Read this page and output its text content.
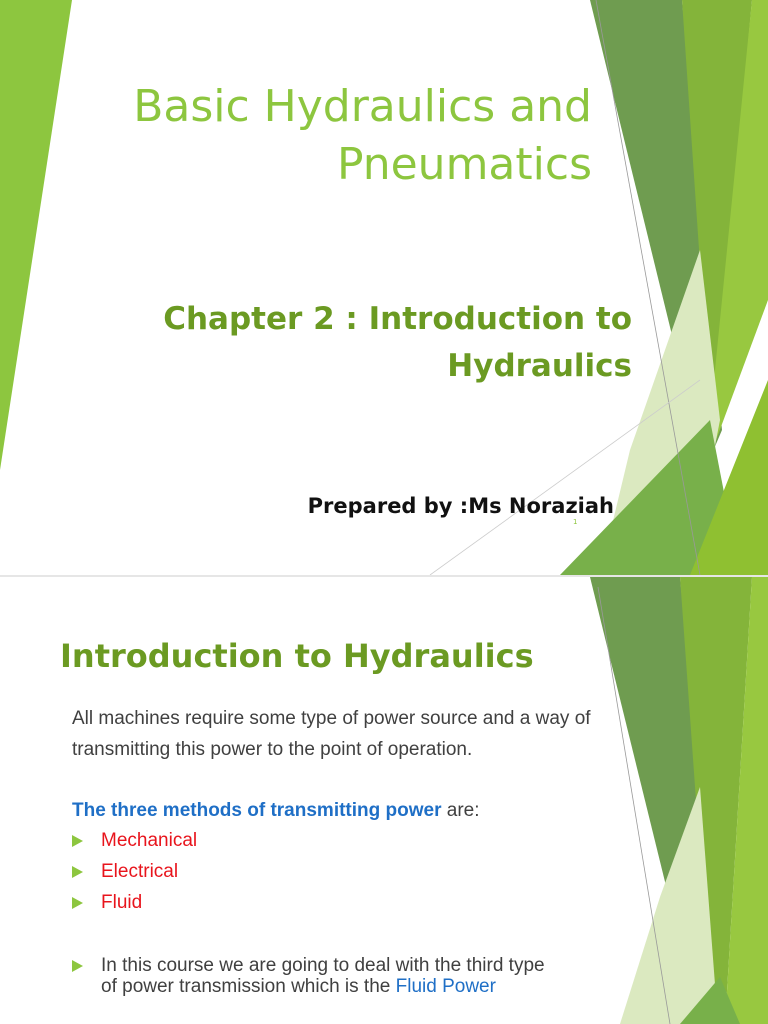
Basic Hydraulics and
Pneumatics
Chapter 2 : Introduction to
Hydraulics
Prepared by :Ms Noraziah
1
Introduction to Hydraulics
All machines require some type of power source and a way of transmitting this power to the point of operation.
The three methods of transmitting power are:
Mechanical
Electrical
Fluid
In this course we are going to deal with the third type
of power transmission which is the Fluid Power
